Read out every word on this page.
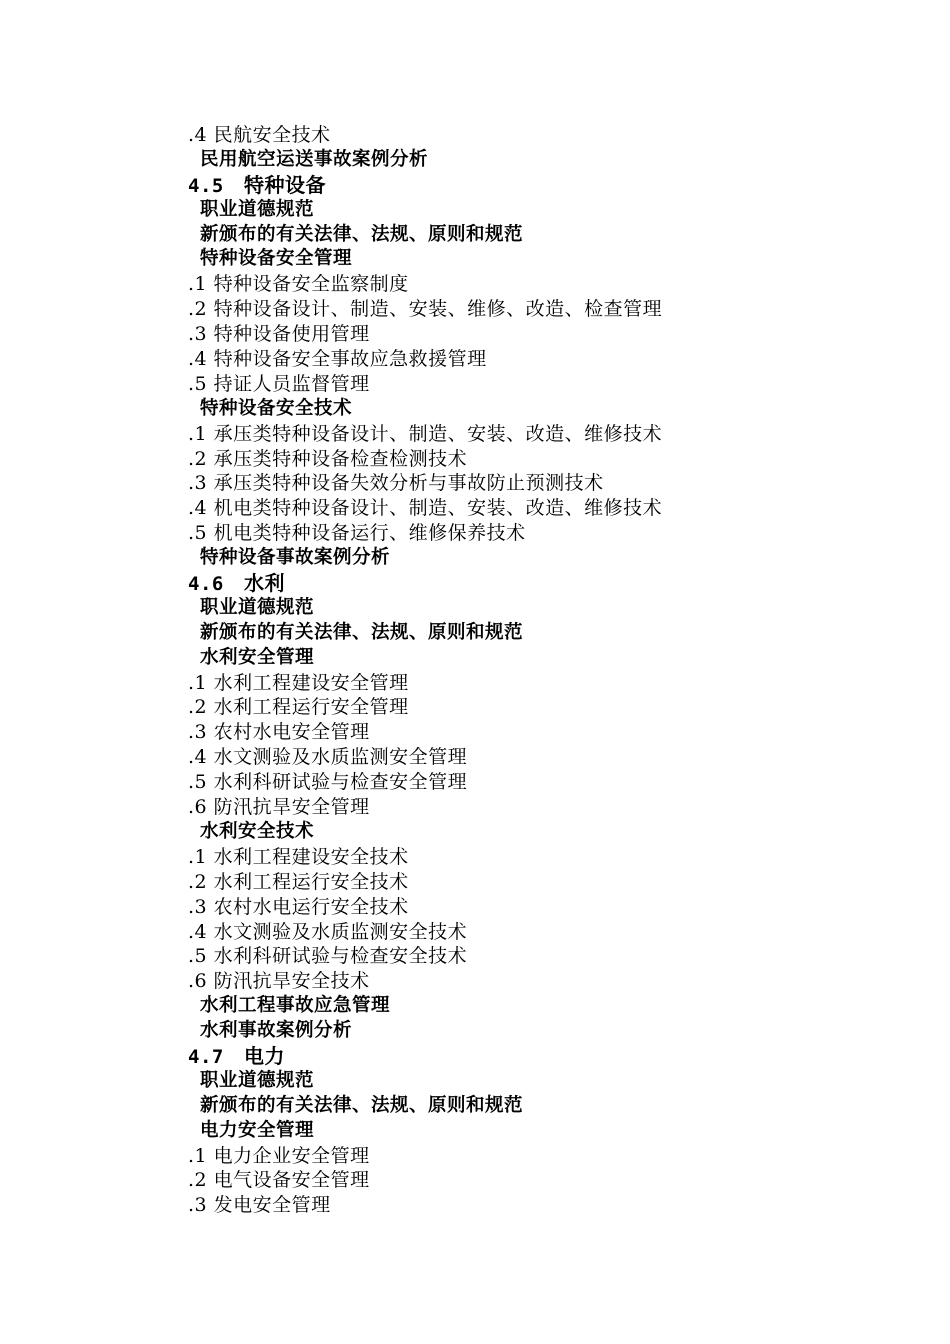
.4 民航安全技术
民用航空运送事故案例分析
4.5 特种设备
职业道德规范
新颁布的有关法律、法规、原则和规范
特种设备安全管理
.1 特种设备安全监察制度
.2 特种设备设计、制造、安装、维修、改造、检查管理
.3 特种设备使用管理
.4 特种设备安全事故应急救援管理
.5 持证人员监督管理
特种设备安全技术
.1 承压类特种设备设计、制造、安装、改造、维修技术
.2 承压类特种设备检查检测技术
.3 承压类特种设备失效分析与事故防止预测技术
.4 机电类特种设备设计、制造、安装、改造、维修技术
.5 机电类特种设备运行、维修保养技术
特种设备事故案例分析
4.6 水利
职业道德规范
新颁布的有关法律、法规、原则和规范
水利安全管理
.1 水利工程建设安全管理
.2 水利工程运行安全管理
.3 农村水电安全管理
.4 水文测验及水质监测安全管理
.5 水利科研试验与检查安全管理
.6 防汛抗旱安全管理
水利安全技术
.1 水利工程建设安全技术
.2 水利工程运行安全技术
.3 农村水电运行安全技术
.4 水文测验及水质监测安全技术
.5 水利科研试验与检查安全技术
.6 防汛抗旱安全技术
水利工程事故应急管理
水利事故案例分析
4.7 电力
职业道德规范
新颁布的有关法律、法规、原则和规范
电力安全管理
.1 电力企业安全管理
.2 电气设备安全管理
.3 发电安全管理
